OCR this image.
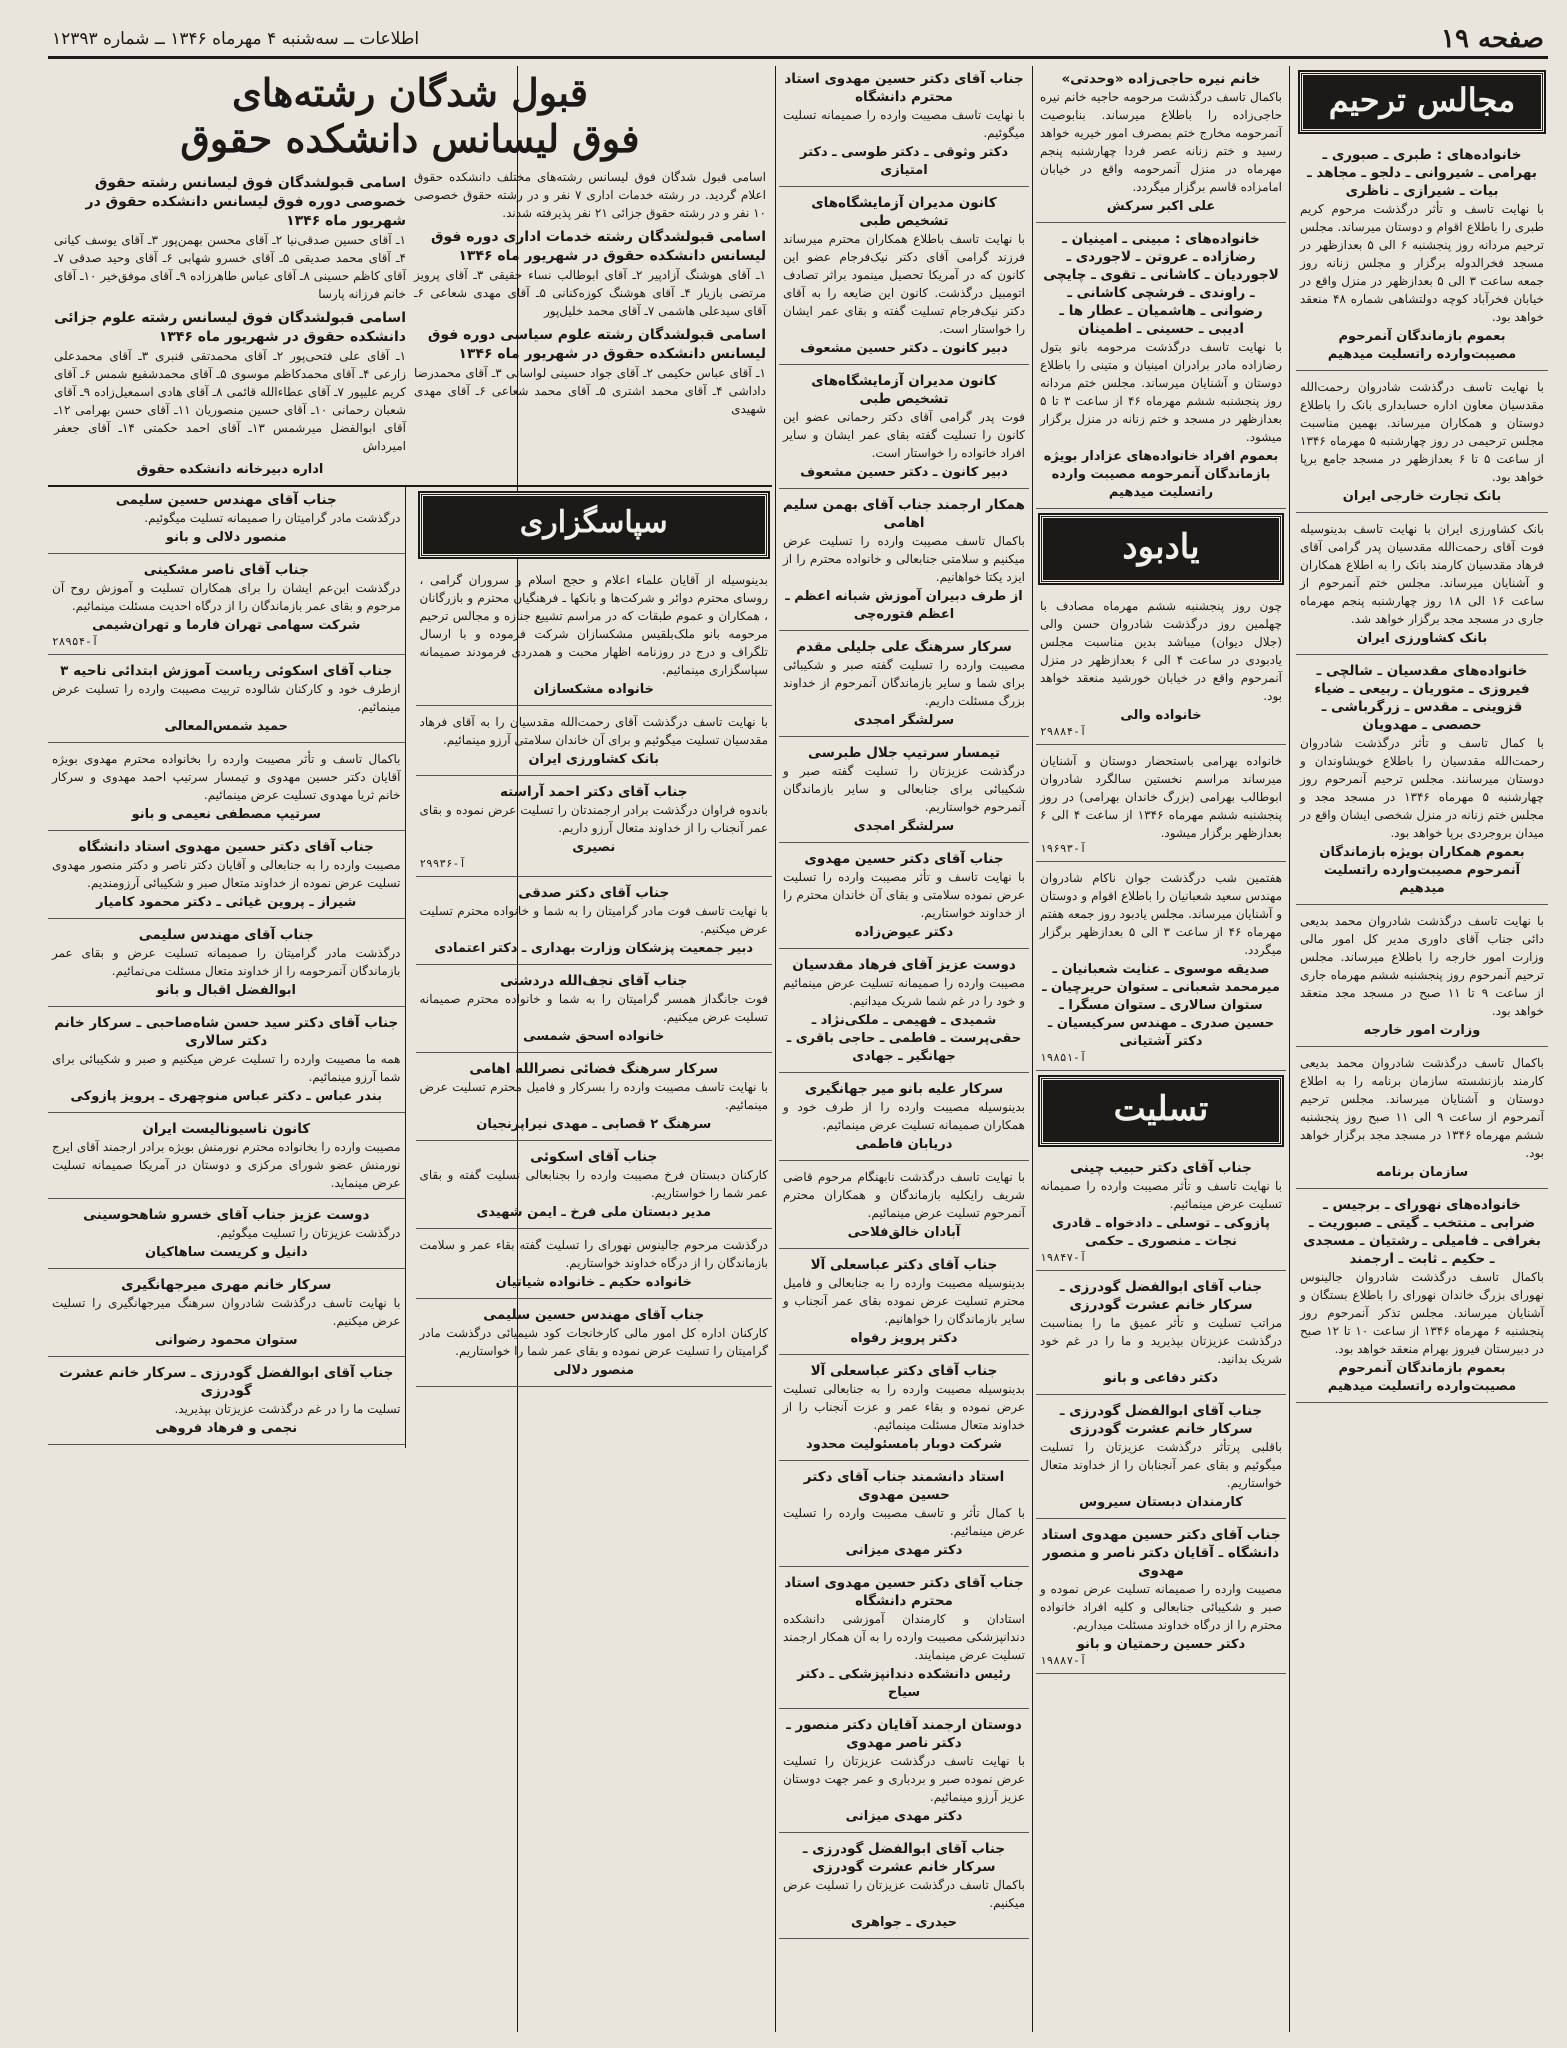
صفحه ۱۹
اطلاعات ــ سه‌شنبه ۴ مهرماه ۱۳۴۶ ــ شماره ۱۲۳۹۳
مجالس ترحیم
خانواده‌های : طبری ـ صبوری ـ بهرامی ـ شیروانی ـ دلجو ـ مجاهد ـ بیات ـ شیرازی ـ ناظری
با نهایت تاسف و تأثر درگذشت مرحوم کریم طبری را باطلاع اقوام و دوستان میرساند. مجلس ترحیم مردانه روز پنجشنبه ۶ الی ۵ بعدازظهر در مسجد فخرالدوله برگزار و مجلس زنانه روز جمعه ساعت ۳ الی ۵ بعدازظهر در منزل واقع در خیابان فخرآباد کوچه دولتشاهی شماره ۴۸ منعقد خواهد بود.
بعموم بازماندگان آنمرحوم مصیبت‌وارده راتسلیت میدهیم
با نهایت تاسف درگذشت شادروان رحمت‌الله مقدسیان معاون اداره حسابداری بانک را باطلاع دوستان و همکاران میرساند. بهمین مناسبت مجلس ترحیمی در روز چهارشنبه ۵ مهرماه ۱۳۴۶ از ساعت ۵ تا ۶ بعدازظهر در مسجد جامع برپا خواهد بود.
بانک تجارت خارجی ایران
بانک کشاورزی ایران با نهایت تاسف بدینوسیله فوت آقای رحمت‌الله مقدسیان پدر گرامی آقای فرهاد مقدسیان کارمند بانک را به اطلاع همکاران و آشنایان میرساند. مجلس ختم آنمرحوم از ساعت ۱۶ الی ۱۸ روز چهارشنبه پنجم مهرماه جاری در مسجد مجد برگزار خواهد شد.
بانک کشاورزی ایران
خانواده‌های مقدسیان ـ شالچی ـ فیروزی ـ متوریان ـ ربیعی ـ ضیاء قزوینی ـ مقدس ـ زرگرباشی ـ حصصی ـ مهدویان
با کمال تاسف و تأثر درگذشت شادروان رحمت‌الله مقدسیان را باطلاع خویشاوندان و دوستان میرسانند. مجلس ترحیم آنمرحوم روز چهارشنبه ۵ مهرماه ۱۳۴۶ در مسجد مجد و مجلس ختم زنانه در منزل شخصی ایشان واقع در میدان بروجردی برپا خواهد بود.
بعموم همکاران بویژه بازماندگان آنمرحوم مصیبت‌وارده راتسلیت میدهیم
با نهایت تاسف درگذشت شادروان محمد بدیعی دائی جناب آقای داوری مدیر کل امور مالی وزارت امور خارجه را باطلاع میرساند. مجلس ترحیم آنمرحوم روز پنجشنبه ششم مهرماه جاری از ساعت ۹ تا ۱۱ صبح در مسجد مجد منعقد خواهد بود.
وزارت امور خارجه
باکمال تاسف درگذشت شادروان محمد بدیعی کارمند بازنشسته سازمان برنامه را به اطلاع دوستان و آشنایان میرساند. مجلس ترحیم آنمرحوم از ساعت ۹ الی ۱۱ صبح روز پنجشنبه ششم مهرماه ۱۳۴۶ در مسجد مجد برگزار خواهد بود.
سازمان برنامه
خانواده‌های نهورای ـ برجیس ـ ضرابی ـ منتخب ـ گیتی ـ صبوریت ـ بغرافی ـ فامیلی ـ رشتیان ـ مسجدی ـ حکیم ـ ثابت ـ ارجمند
باکمال تاسف درگذشت شادروان جالینوس نهورای بزرگ خاندان نهورای را باطلاع بستگان و آشنایان میرساند. مجلس تذکر آنمرحوم روز پنجشنبه ۶ مهرماه ۱۳۴۶ از ساعت ۱۰ تا ۱۲ صبح در دبیرستان فیروز بهرام منعقد خواهد بود.
بعموم بازماندگان آنمرحوم مصیبت‌وارده راتسلیت میدهیم
خانم نیره حاجی‌زاده «وحدتی»
باکمال تاسف درگذشت مرحومه حاجیه خانم نیره حاجی‌زاده را باطلاع میرساند. بنابوصیت آنمرحومه مخارج ختم بمصرف امور خیریه خواهد رسید و ختم زنانه عصر فردا چهارشنبه پنجم مهرماه در منزل آنمرحومه واقع در خیابان امامزاده قاسم برگزار میگردد.
علی اکبر سرکش
خانواده‌های : مبینی ـ امینیان ـ رضازاده ـ عروتن ـ لاجوردی ـ لاجوردیان ـ کاشانی ـ تقوی ـ چایچی ـ راوندی ـ فرشچی کاشانی ـ رضوانی ـ هاشمیان ـ عطار ها ـ ادیبی ـ حسینی ـ اطمینان
با نهایت تاسف درگذشت مرحومه بانو بتول رضازاده مادر برادران امینیان و متینی را باطلاع دوستان و آشنایان میرساند. مجلس ختم مردانه روز پنجشنبه ششم مهرماه ۴۶ از ساعت ۳ تا ۵ بعدازظهر در مسجد و ختم زنانه در منزل برگزار میشود.
بعموم افراد خانواده‌های عزادار بویژه بازماندگان آنمرحومه مصیبت وارده راتسلیت میدهیم
یادبود
چون روز پنجشنبه ششم مهرماه مصادف با چهلمین روز درگذشت شادروان حسن والی (جلال دیوان) میباشد بدین مناسبت مجلس یادبودی در ساعت ۴ الی ۶ بعدازظهر در منزل آنمرحوم واقع در خیابان خورشید منعقد خواهد بود.
خانواده والی
آ-۲۹۸۸۴
خانواده بهرامی باستحضار دوستان و آشنایان میرساند مراسم نخستین سالگرد شادروان ابوطالب بهرامی (بزرگ خاندان بهرامی) در روز پنجشنبه ششم مهرماه ۱۳۴۶ از ساعت ۴ الی ۶ بعدازظهر برگزار میشود.
آ-۱۹۶۹۳
هفتمین شب درگذشت جوان ناکام شادروان مهندس سعید شعبانیان را باطلاع اقوام و دوستان و آشنایان میرساند. مجلس یادبود روز جمعه هفتم مهرماه ۴۶ از ساعت ۳ الی ۵ بعدازظهر برگزار میگردد.
صدیقه موسوی ـ عنایت شعبانیان ـ میرمحمد شعبانی ـ ستوان حریرچیان ـ ستوان سالاری ـ ستوان مسگرا ـ حسین صدری ـ مهندس سرکیسیان ـ دکتر آشتیانی
آ-۱۹۸۵۱
تسلیت
جناب آقای دکتر حبیب چینی
با نهایت تاسف و تأثر مصیبت وارده را صمیمانه تسلیت عرض مینمائیم.
پازوکی ـ توسلی ـ دادخواه ـ قادری نجات ـ منصوری ـ حکمی
آ-۱۹۸۴۷
جناب آقای ابوالفضل گودرزی ـ سرکار خانم عشرت گودرزی
مراتب تسلیت و تأثر عمیق ما را بمناسبت درگذشت عزیزتان بپذیرید و ما را در غم خود شریک بدانید.
دکتر دفاعی و بانو
جناب آقای ابوالفضل گودرزی ـ سرکار خانم عشرت گودرزی
باقلبی پرتأثر درگذشت عزیزتان را تسلیت میگوئیم و بقای عمر آنجنابان را از خداوند متعال خواستاریم.
کارمندان دبستان سیروس
جناب آقای دکتر حسین مهدوی استاد دانشگاه ـ آقایان دکتر ناصر و منصور مهدوی
مصیبت وارده را صمیمانه تسلیت عرض نموده و صبر و شکیبائی جنابعالی و کلیه افراد خانواده محترم را از درگاه خداوند مسئلت میداریم.
دکتر حسین رحمتیان و بانو
آ-۱۹۸۸۷
جناب آقای دکتر حسین مهدوی استاد محترم دانشگاه
با نهایت تاسف مصیبت وارده را صمیمانه تسلیت میگوئیم.
دکتر وثوقی ـ دکتر طوسی ـ دکتر امتیازی
کانون مدیران آزمایشگاه‌های تشخیص طبی
با نهایت تاسف باطلاع همکاران محترم میرساند فرزند گرامی آقای دکتر نیک‌فرجام عضو این کانون که در آمریکا تحصیل مینمود براثر تصادف اتومبیل درگذشت. کانون این ضایعه را به آقای دکتر نیک‌فرجام تسلیت گفته و بقای عمر ایشان را خواستار است.
دبیر کانون ـ دکتر حسین مشعوف
کانون مدیران آزمایشگاه‌های تشخیص طبی
فوت پدر گرامی آقای دکتر رحمانی عضو این کانون را تسلیت گفته بقای عمر ایشان و سایر افراد خانواده را خواستار است.
دبیر کانون ـ دکتر حسین مشعوف
همکار ارجمند جناب آقای بهمن سلیم اهامی
باکمال تاسف مصیبت وارده را تسلیت عرض میکنیم و سلامتی جنابعالی و خانواده محترم را از ایزد یکتا خواهانیم.
از طرف دبیران آموزش شبانه اعظم ـ اعظم فتوره‌چی
سرکار سرهنگ علی جلیلی مقدم
مصیبت وارده را تسلیت گفته صبر و شکیبائی برای شما و سایر بازماندگان آنمرحوم از خداوند بزرگ مسئلت داریم.
سرلشگر امجدی
تیمسار سرتیپ جلال طبرسی
درگذشت عزیزتان را تسلیت گفته صبر و شکیبائی برای جنابعالی و سایر بازماندگان آنمرحوم خواستاریم.
سرلشگر امجدی
جناب آقای دکتر حسین مهدوی
با نهایت تاسف و تأثر مصیبت وارده را تسلیت عرض نموده سلامتی و بقای آن خاندان محترم را از خداوند خواستاریم.
دکتر عیوض‌زاده
دوست عزیز آقای فرهاد مقدسیان
مصیبت وارده را صمیمانه تسلیت عرض مینمائیم و خود را در غم شما شریک میدانیم.
شمیدی ـ فهیمی ـ ملکی‌نژاد ـ حقی‌پرست ـ فاطمی ـ حاجی باقری ـ جهانگیر ـ جهادی
سرکار علیه بانو میر جهانگیری
بدینوسیله مصیبت وارده را از طرف خود و همکاران صمیمانه تسلیت عرض مینمائیم.
دریابان فاطمی
با نهایت تاسف درگذشت نابهنگام مرحوم قاضی شریف رایکلیه بازماندگان و همکاران محترم آنمرحوم تسلیت عرض مینمائیم.
آبادان خالق‌فلاحی
جناب آقای دکتر عباسعلی آلا
بدینوسیله مصیبت وارده را به جنابعالی و فامیل محترم تسلیت عرض نموده بقای عمر آنجناب و سایر بازماندگان را خواهانیم.
دکتر پرویز رفواه
جناب آقای دکتر عباسعلی آلا
بدینوسیله مصیبت وارده را به جنابعالی تسلیت عرض نموده و بقاء عمر و عزت آنجناب را از خداوند متعال مسئلت مینمائیم.
شرکت دوبار بامسئولیت محدود
استاد دانشمند جناب آقای دکتر حسین مهدوی
با کمال تأثر و تاسف مصیبت وارده را تسلیت عرض مینمائیم.
دکتر مهدی میزانی
جناب آقای دکتر حسین مهدوی استاد محترم دانشگاه
استادان و کارمندان آموزشی دانشکده دندانپزشکی مصیبت وارده را به آن همکار ارجمند تسلیت عرض مینمایند.
رئیس دانشکده دندانپزشکی ـ دکتر سیاح
دوستان ارجمند آقایان دکتر منصور ـ دکتر ناصر مهدوی
با نهایت تاسف درگذشت عزیزتان را تسلیت عرض نموده صبر و بردباری و عمر جهت دوستان عزیز آرزو مینمائیم.
دکتر مهدی میزانی
جناب آقای ابوالفضل گودرزی ـ سرکار خانم عشرت گودرزی
باکمال تاسف درگذشت عزیزتان را تسلیت عرض میکنیم.
حیدری ـ جواهری
قبول شدگان رشته‌های
فوق لیسانس دانشکده حقوق
اسامی قبول شدگان فوق لیسانس رشته‌های مختلف دانشکده حقوق اعلام گردید. در رشته خدمات اداری ۷ نفر و در رشته حقوق خصوصی ۱۰ نفر و در رشته حقوق جزائی ۲۱ نفر پذیرفته شدند.
اسامی قبولشدگان رشته خدمات اداری دوره فوق لیسانس دانشکده حقوق در شهریور ماه ۱۳۴۶
۱ـ آقای هوشنگ آزادپیر ۲ـ آقای ابوطالب نساء حقیقی ۳ـ آقای پرویز مرتضی بازیار ۴ـ آقای هوشنگ کوزه‌کنانی ۵ـ آقای مهدی شعاعی ۶ـ آقای سیدعلی هاشمی ۷ـ آقای محمد خلیل‌پور
اسامی قبولشدگان رشته علوم سیاسی دوره فوق لیسانس دانشکده حقوق در شهریور ماه ۱۳۴۶
۱ـ آقای عباس حکیمی ۲ـ آقای جواد حسینی لواسانی ۳ـ آقای محمدرضا داداشی ۴ـ آقای محمد اشتری ۵ـ آقای محمد شعاعی ۶ـ آقای مهدی شهیدی
اسامی قبولشدگان فوق لیسانس رشته حقوق خصوصی دوره فوق لیسانس دانشکده حقوق در شهریور ماه ۱۳۴۶
۱ـ آقای حسین صدقی‌نیا ۲ـ آقای محسن بهمن‌پور ۳ـ آقای یوسف کیانی ۴ـ آقای محمد صدیقی ۵ـ آقای خسرو شهابی ۶ـ آقای وحید صدقی ۷ـ آقای کاظم حسینی ۸ـ آقای عباس طاهرزاده ۹ـ آقای موفق‌خیر ۱۰ـ آقای خانم فرزانه پارسا
اسامی قبولشدگان فوق لیسانس رشته علوم جزائی دانشکده حقوق در شهریور ماه ۱۳۴۶
۱ـ آقای علی فتحی‌پور ۲ـ آقای محمدتقی قنبری ۳ـ آقای محمدعلی زارعی ۴ـ آقای محمدکاظم موسوی ۵ـ آقای محمدشفیع شمس ۶ـ آقای کریم علیپور ۷ـ آقای عطاءالله قائمی ۸ـ آقای هادی اسمعیل‌زاده ۹ـ آقای شعبان رحمانی ۱۰ـ آقای حسین منصوریان ۱۱ـ آقای حسن بهرامی ۱۲ـ آقای ابوالفضل میرشمس ۱۳ـ آقای احمد حکمتی ۱۴ـ آقای جعفر امیرداش
اداره دبیرخانه دانشکده حقوق
سپاسگزاری
بدینوسیله از آقایان علماء اعلام و حجج اسلام و سروران گرامی ، روسای محترم دوائر و شرکت‌ها و بانکها ـ فرهنگیان محترم و بازرگانان ، همکاران و عموم طبقات که در مراسم تشییع جنازه و مجالس ترحیم مرحومه بانو ملک‌بلقیس مشکسازان شرکت فرموده و با ارسال تلگراف و درج در روزنامه اظهار محبت و همدردی فرمودند صمیمانه سپاسگزاری مینمائیم.
خانواده مشکسازان
با نهایت تاسف درگذشت آقای رحمت‌الله مقدسیان را به آقای فرهاد مقدسیان تسلیت میگوئیم و برای آن خاندان سلامتی آرزو مینمائیم.
بانک کشاورزی ایران
جناب آقای دکتر احمد آراسته
باندوه فراوان درگذشت برادر ارجمندتان را تسلیت عرض نموده و بقای عمر آنجناب را از خداوند متعال آرزو داریم.
نصیری
آ-۲۹۹۳۶
جناب آقای دکتر صدقی
با نهایت تاسف فوت مادر گرامیتان را به شما و خانواده محترم تسلیت عرض میکنیم.
دبیر جمعیت پزشکان وزارت بهداری ـ دکتر اعتمادی
جناب آقای نجف‌الله دردشتی
فوت جانگداز همسر گرامیتان را به شما و خانواده محترم صمیمانه تسلیت عرض میکنیم.
خانواده اسحق شمسی
سرکار سرهنگ فضائی نصرالله اهامی
با نهایت تاسف مصیبت وارده را بسرکار و فامیل محترم تسلیت عرض مینمائیم.
سرهنگ ۲ قصابی ـ مهدی نیراپرنجیان
جناب آقای اسکوئی
کارکنان دبستان فرخ مصیبت وارده را بجنابعالی تسلیت گفته و بقای عمر شما را خواستاریم.
مدیر دبستان ملی فرخ ـ ایمن شهیدی
درگذشت مرحوم جالینوس نهورای را تسلیت گفته بقاء عمر و سلامت بازماندگان را از درگاه خداوند خواستاریم.
خانواده حکیم ـ خانواده شیاتیان
جناب آقای مهندس حسین سلیمی
کارکنان اداره کل امور مالی کارخانجات کود شیمیائی درگذشت مادر گرامیتان را تسلیت عرض نموده و بقای عمر شما را خواستاریم.
منصور دلالی
جناب آقای مهندس حسین سلیمی
درگذشت مادر گرامیتان را صمیمانه تسلیت میگوئیم.
منصور دلالی و بانو
جناب آقای ناصر مشکینی
درگذشت ابن‌عم ایشان را برای همکاران تسلیت و آموزش روح آن مرحوم و بقای عمر بازماندگان را از درگاه احدیت مسئلت مینمائیم.
شرکت سهامی تهران فارما و تهران‌شیمی
آ-۲۸۹۵۴
جناب آقای اسکوئی ریاست آموزش ابتدائی ناحیه ۳
ازطرف خود و کارکنان شالوده تربیت مصیبت وارده را تسلیت عرض مینمائیم.
حمید شمس‌المعالی
باکمال تاسف و تأثر مصیبت وارده را بخانواده محترم مهدوی بویژه آقایان دکتر حسین مهدوی و تیمسار سرتیپ احمد مهدوی و سرکار خانم ثریا مهدوی تسلیت عرض مینمائیم.
سرتیپ مصطفی نعیمی و بانو
جناب آقای دکتر حسین مهدوی استاد دانشگاه
مصیبت وارده را به جنابعالی و آقایان دکتر ناصر و دکتر منصور مهدوی تسلیت عرض نموده از خداوند متعال صبر و شکیبائی آرزومندیم.
شیراز ـ پروین غیاثی ـ دکتر محمود کامیار
جناب آقای مهندس سلیمی
درگذشت مادر گرامیتان را صمیمانه تسلیت عرض و بقای عمر بازماندگان آنمرحومه را از خداوند متعال مسئلت می‌نمائیم.
ابوالفضل اقبال و بانو
جناب آقای دکتر سید حسن شاه‌صاحبی ـ سرکار خانم دکتر سالاری
همه ما مصیبت وارده را تسلیت عرض میکنیم و صبر و شکیبائی برای شما آرزو مینمائیم.
بندر عباس ـ دکتر عباس منوچهری ـ پرویز پازوکی
کانون ناسیونالیست ایران
مصیبت وارده را بخانواده محترم نورمنش بویژه برادر ارجمند آقای ایرج نورمنش عضو شورای مرکزی و دوستان در آمریکا صمیمانه تسلیت عرض مینماید.
دوست عزیز جناب آقای خسرو شاهحوسینی
درگذشت عزیزتان را تسلیت میگوئیم.
دانیل و کریست ساهاکیان
سرکار خانم مهری میرجهانگیری
با نهایت تاسف درگذشت شادروان سرهنگ میرجهانگیری را تسلیت عرض میکنیم.
ستوان محمود رضوانی
جناب آقای ابوالفضل گودرزی ـ سرکار خانم عشرت گودرزی
تسلیت ما را در غم درگذشت عزیزتان بپذیرید.
نجمی و فرهاد فروهی
